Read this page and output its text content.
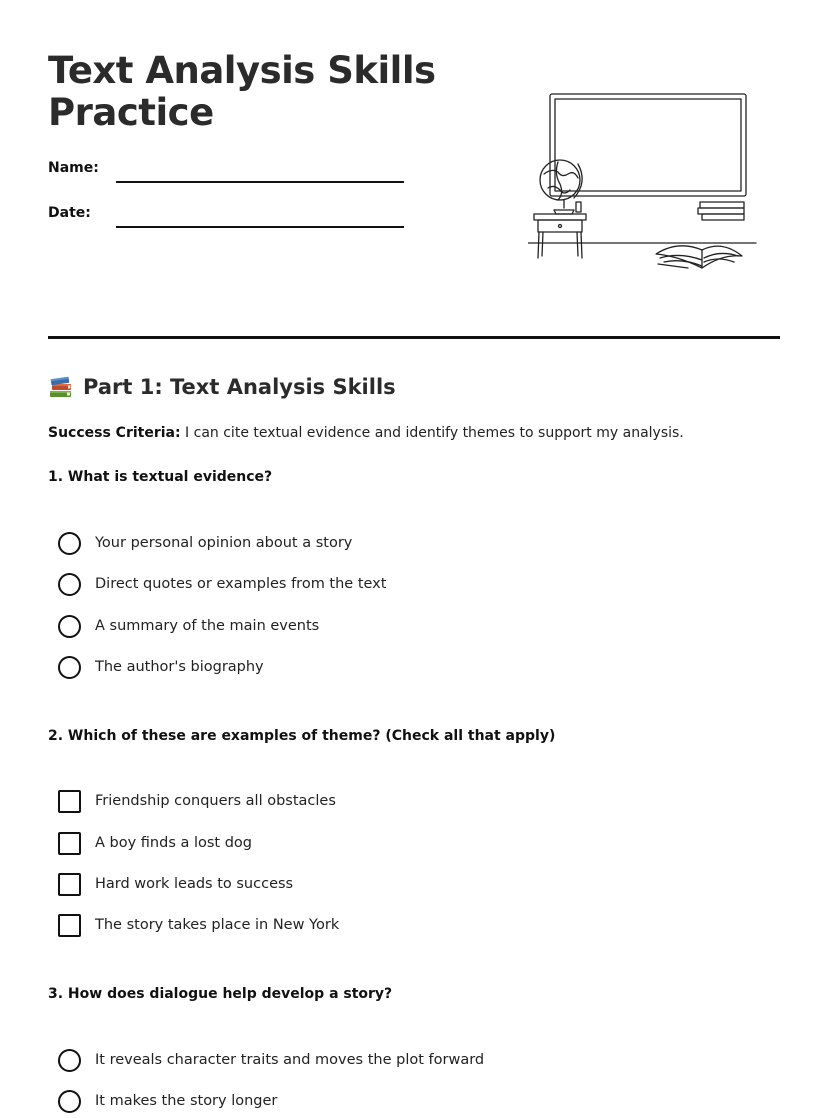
Text Analysis Skills
Practice
Name:
Date:
Part 1: Text Analysis Skills
Success Criteria: I can cite textual evidence and identify themes to support my analysis.
1. What is textual evidence?
Your personal opinion about a story
Direct quotes or examples from the text
A summary of the main events
The author's biography
2. Which of these are examples of theme? (Check all that apply)
Friendship conquers all obstacles
A boy finds a lost dog
Hard work leads to success
The story takes place in New York
3. How does dialogue help develop a story?
It reveals character traits and moves the plot forward
It makes the story longer
